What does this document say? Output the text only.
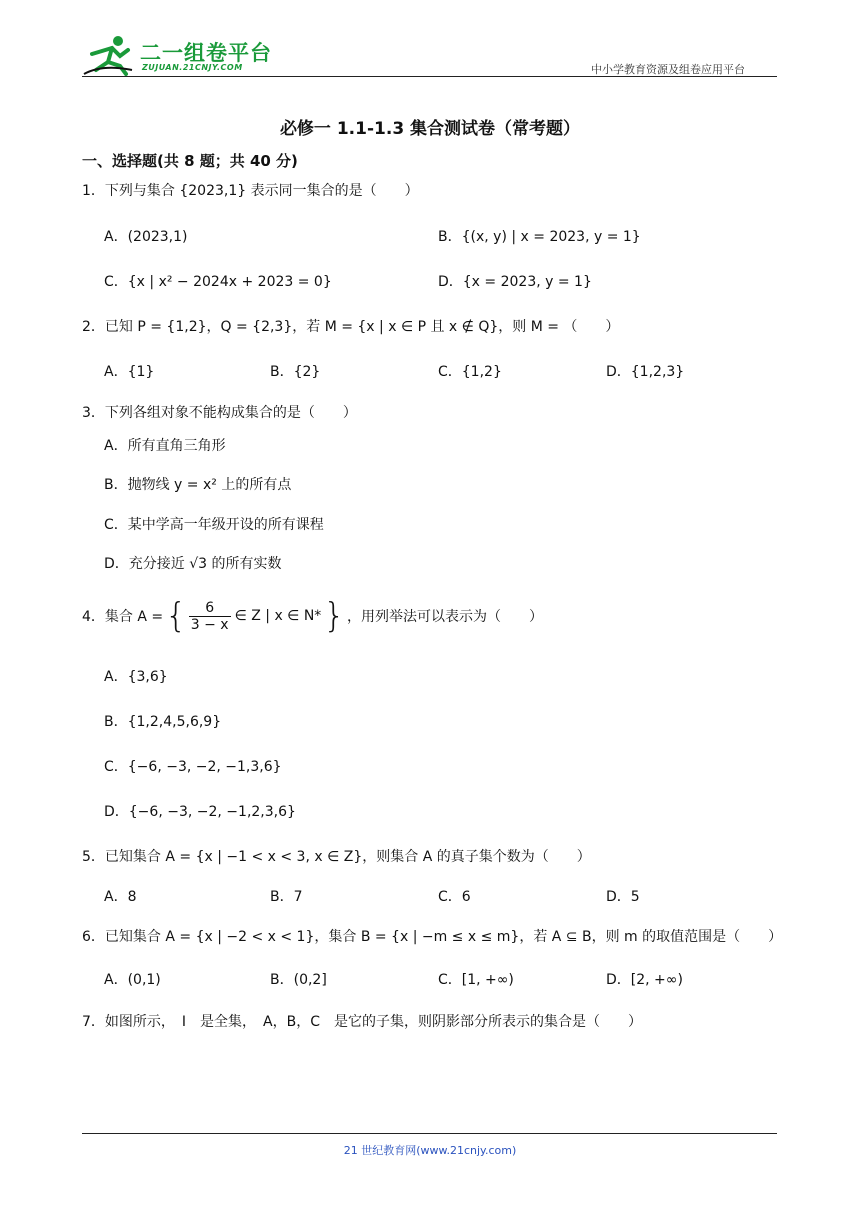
二一组卷平台
ZUJUAN.21CNJY.COM	中小学教育资源及组卷应用平台
必修一 1.1-1.3 集合测试卷（常考题）
一、选择题(共 8 题；共 40 分)
1．下列与集合 {2023,1} 表示同一集合的是（　　）
A．(2023,1)	B．{(x, y) | x = 2023, y = 1}
C．{x | x² − 2024x + 2023 = 0}	D．{x = 2023, y = 1}
2．已知 P = {1,2}，Q = {2,3}，若 M = {x | x ∈ P 且 x ∉ Q}，则 M = （　　）
A．{1}	B．{2}	C．{1,2}	D．{1,2,3}
3．下列各组对象不能构成集合的是（　　）
A．所有直角三角形
B．抛物线 y = x² 上的所有点
C．某中学高一年级开设的所有课程
D．充分接近 √3 的所有实数
4．集合 A = { 6
3 − x
∈ Z | x ∈ N* } ，用列举法可以表示为（　　）
A．{3,6}
B．{1,2,4,5,6,9}
C．{−6, −3, −2, −1,3,6}
D．{−6, −3, −2, −1,2,3,6}
5．已知集合 A = {x | −1 < x < 3, x ∈ Z}，则集合 A 的真子集个数为（　　）
A．8	B．7	C．6	D．5
6．已知集合 A = {x | −2 < x < 1}，集合 B = {x | −m ≤ x ≤ m}，若 A ⊆ B，则 m 的取值范围是（　　）
A．(0,1)	B．(0,2]	C．[1, +∞)	D．[2, +∞)
7．如图所示，　I　是全集，　A，B，C　是它的子集，则阴影部分所表示的集合是（　　）
21 世纪教育网(www.21cnjy.com)
